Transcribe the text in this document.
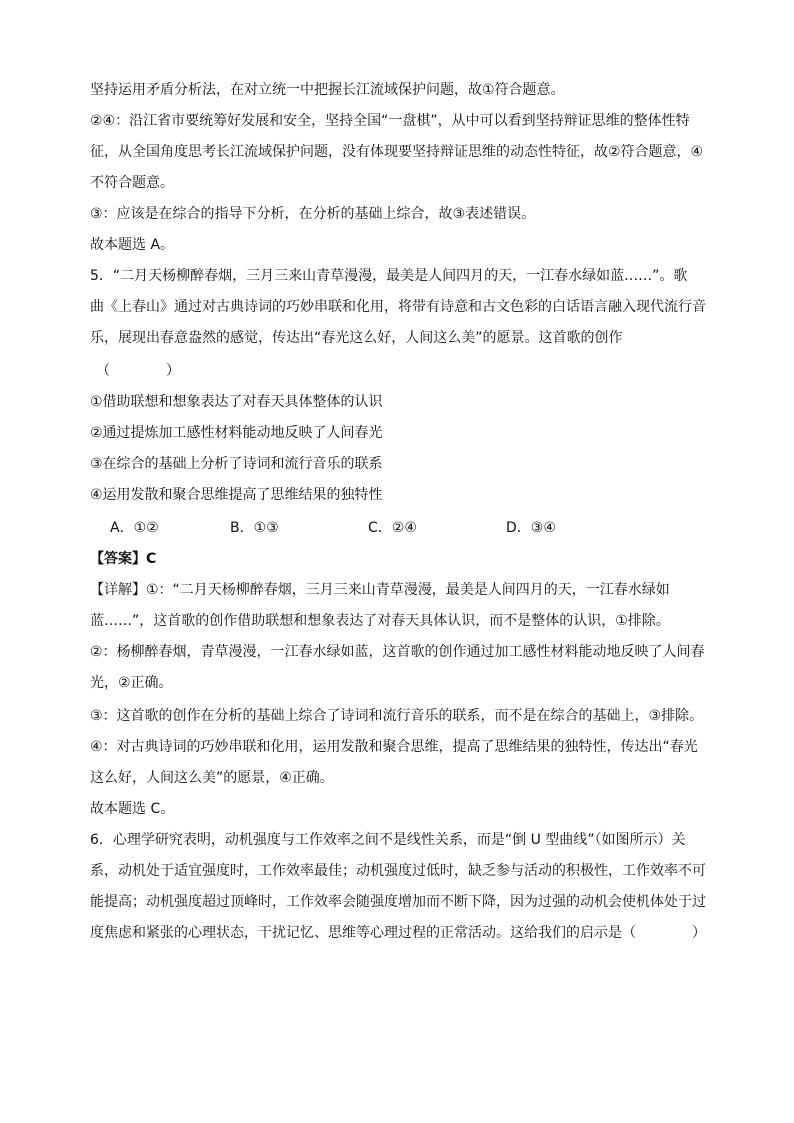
坚持运用矛盾分析法，在对立统一中把握长江流域保护问题，故①符合题意。
②④：沿江省市要统筹好发展和安全，坚持全国“一盘棋”，从中可以看到坚持辩证思维的整体性特
征，从全国角度思考长江流域保护问题，没有体现要坚持辩证思维的动态性特征，故②符合题意，④
不符合题意。
③：应该是在综合的指导下分析，在分析的基础上综合，故③表述错误。
故本题选 A。
5．“二月天杨柳醉春烟，三月三来山青草漫漫，最美是人间四月的天，一江春水绿如蓝……”。歌
曲《上春山》通过对古典诗词的巧妙串联和化用，将带有诗意和古文色彩的白话语言融入现代流行音
乐，展现出春意盎然的感觉，传达出“春光这么好，人间这么美”的愿景。这首歌的创作
（　　　　）
①借助联想和想象表达了对春天具体整体的认识
②通过提炼加工感性材料能动地反映了人间春光
③在综合的基础上分析了诗词和流行音乐的联系
④运用发散和聚合思维提高了思维结果的独特性
A．①②	B．①③	C．②④	D．③④
【答案】C
【详解】①：“二月天杨柳醉春烟，三月三来山青草漫漫，最美是人间四月的天，一江春水绿如
蓝……”，这首歌的创作借助联想和想象表达了对春天具体认识，而不是整体的认识，①排除。
②：杨柳醉春烟，青草漫漫，一江春水绿如蓝，这首歌的创作通过加工感性材料能动地反映了人间春
光，②正确。
③：这首歌的创作在分析的基础上综合了诗词和流行音乐的联系，而不是在综合的基础上，③排除。
④：对古典诗词的巧妙串联和化用，运用发散和聚合思维，提高了思维结果的独特性，传达出“春光
这么好，人间这么美”的愿景，④正确。
故本题选 C。
6．心理学研究表明，动机强度与工作效率之间不是线性关系，而是“倒 U 型曲线”（如图所示）关
系，动机处于适宜强度时，工作效率最佳；动机强度过低时，缺乏参与活动的积极性，工作效率不可
能提高；动机强度超过顶峰时，工作效率会随强度增加而不断下降，因为过强的动机会使机体处于过
度焦虑和紧张的心理状态，干扰记忆、思维等心理过程的正常活动。这给我们的启示是（　　　　）
